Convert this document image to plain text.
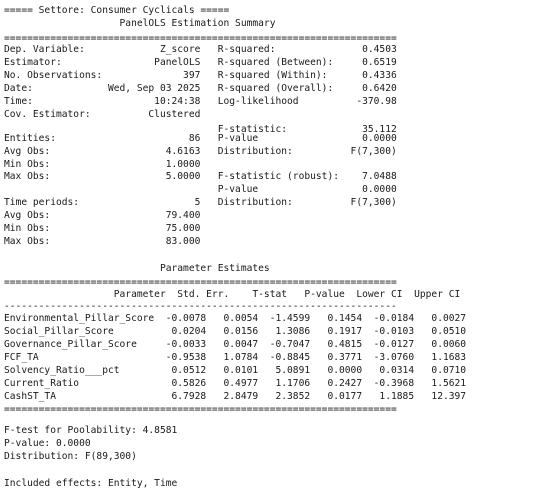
===== Settore: Consumer Cyclicals =====
PanelOLS Estimation Summary
====================================================================
Dep. Variable:             Z_score   R-squared:               0.4503
Estimator:                PanelOLS   R-squared (Between):     0.6519
No. Observations:              397   R-squared (Within):      0.4336
Date:             Wed, Sep 03 2025   R-squared (Overall):     0.6420
Time:                     10:24:38   Log-likelihood          -370.98
Cov. Estimator:          Clustered
F-statistic:             35.112
Entities:                       86   P-value                  0.0000
Avg Obs:                    4.6163   Distribution:          F(7,300)
Min Obs:                    1.0000
Max Obs:                    5.0000   F-statistic (robust):    7.0488
P-value                  0.0000
Time periods:                    5   Distribution:          F(7,300)
Avg Obs:                    79.400
Min Obs:                    75.000
Max Obs:                    83.000

Parameter Estimates
====================================================================
Parameter  Std. Err.    T-stat   P-value  Lower CI  Upper CI
--------------------------------------------------------------------
Environmental_Pillar_Score  -0.0078   0.0054  -1.4599   0.1454  -0.0184   0.0027
Social_Pillar_Score          0.0204   0.0156   1.3086   0.1917  -0.0103   0.0510
Governance_Pillar_Score     -0.0033   0.0047  -0.7047   0.4815  -0.0127   0.0060
FCF_TA                      -0.9538   1.0784  -0.8845   0.3771  -3.0760   1.1683
Solvency_Ratio___pct         0.0512   0.0101   5.0891   0.0000   0.0314   0.0710
Current_Ratio                0.5826   0.4977   1.1706   0.2427  -0.3968   1.5621
CashST_TA                    6.7928   2.8479   2.3852   0.0177   1.1885   12.397
====================================================================
F-test for Poolability: 4.8581
P-value: 0.0000
Distribution: F(89,300)
Included effects: Entity, Time
